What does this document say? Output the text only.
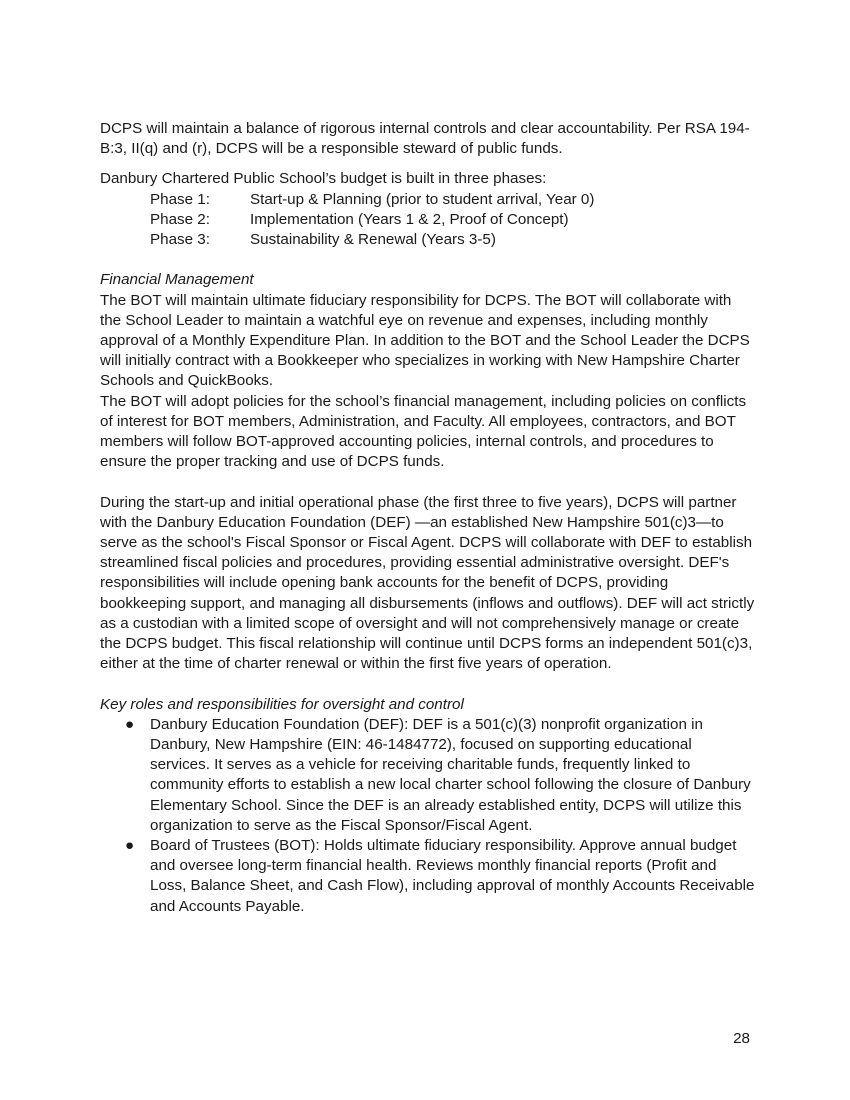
DCPS will maintain a balance of rigorous internal controls and clear accountability. Per RSA 194-B:3, II(q) and (r), DCPS will be a responsible steward of public funds.

Danbury Chartered Public School’s budget is built in three phases:

Phase 1:	Start-up & Planning (prior to student arrival, Year 0)
Phase 2:	Implementation (Years 1 & 2, Proof of Concept)
Phase 3:	Sustainability & Renewal (Years 3-5)

Financial Management

The BOT will maintain ultimate fiduciary responsibility for DCPS. The BOT will collaborate with the School Leader to maintain a watchful eye on revenue and expenses, including monthly approval of a Monthly Expenditure Plan. In addition to the BOT and the School Leader the DCPS will initially contract with a Bookkeeper who specializes in working with New Hampshire Charter Schools and QuickBooks.

The BOT will adopt policies for the school’s financial management, including policies on conflicts of interest for BOT members, Administration, and Faculty. All employees, contractors, and BOT members will follow BOT-approved accounting policies, internal controls, and procedures to ensure the proper tracking and use of DCPS funds.

During the start-up and initial operational phase (the first three to five years), DCPS will partner with the Danbury Education Foundation (DEF) —an established New Hampshire 501(c)3—to serve as the school's Fiscal Sponsor or Fiscal Agent. DCPS will collaborate with DEF to establish streamlined fiscal policies and procedures, providing essential administrative oversight. DEF's responsibilities will include opening bank accounts for the benefit of DCPS, providing bookkeeping support, and managing all disbursements (inflows and outflows). DEF will act strictly as a custodian with a limited scope of oversight and will not comprehensively manage or create the DCPS budget. This fiscal relationship will continue until DCPS forms an independent 501(c)3, either at the time of charter renewal or within the first five years of operation.

Key roles and responsibilities for oversight and control

● Danbury Education Foundation (DEF): DEF is a 501(c)(3) nonprofit organization in Danbury, New Hampshire (EIN: 46-1484772), focused on supporting educational services. It serves as a vehicle for receiving charitable funds, frequently linked to community efforts to establish a new local charter school following the closure of Danbury Elementary School. Since the DEF is an already established entity, DCPS will utilize this organization to serve as the Fiscal Sponsor/Fiscal Agent.
● Board of Trustees (BOT): Holds ultimate fiduciary responsibility. Approve annual budget and oversee long-term financial health. Reviews monthly financial reports (Profit and Loss, Balance Sheet, and Cash Flow), including approval of monthly Accounts Receivable and Accounts Payable.
28
